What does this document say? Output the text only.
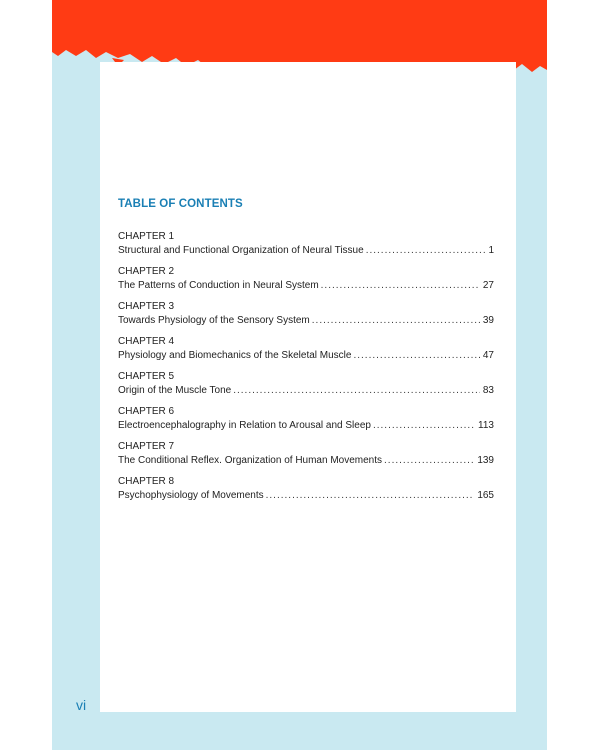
TABLE OF CONTENTS
CHAPTER 1
Structural and Functional Organization of Neural Tissue .....	1
CHAPTER 2
The Patterns of Conduction in Neural System .....	27
CHAPTER 3
Towards Physiology of the Sensory System .....	39
CHAPTER 4
Physiology and Biomechanics of the Skeletal Muscle .....	47
CHAPTER 5
Origin of the Muscle Tone .....	83
CHAPTER 6
Electroencephalography in Relation to Arousal and Sleep .....	113
CHAPTER 7
The Conditional Reflex. Organization of Human Movements .....	139
CHAPTER 8
Psychophysiology of Movements .....	165
vi
